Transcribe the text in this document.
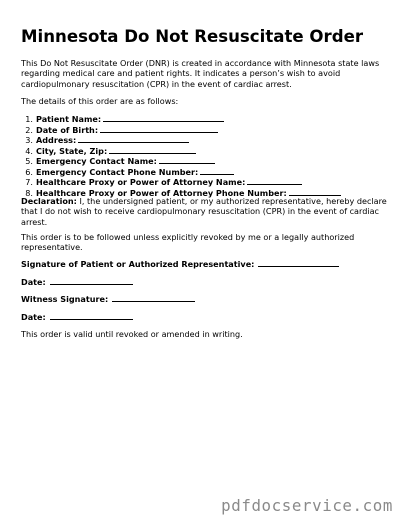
Minnesota Do Not Resuscitate Order

This Do Not Resuscitate Order (DNR) is created in accordance with Minnesota state laws regarding medical care and patient rights. It indicates a person’s wish to avoid cardiopulmonary resuscitation (CPR) in the event of cardiac arrest.

The details of this order are as follows:

1. Patient Name:
2. Date of Birth:
3. Address:
4. City, State, Zip:
5. Emergency Contact Name:
6. Emergency Contact Phone Number:
7. Healthcare Proxy or Power of Attorney Name:
8. Healthcare Proxy or Power of Attorney Phone Number:

Declaration: I, the undersigned patient, or my authorized representative, hereby declare that I do not wish to receive cardiopulmonary resuscitation (CPR) in the event of cardiac arrest.

This order is to be followed unless explicitly revoked by me or a legally authorized representative.

Signature of Patient or Authorized Representative:
Date:
Witness Signature:
Date:

This order is valid until revoked or amended in writing.

pdfdocservice.com
